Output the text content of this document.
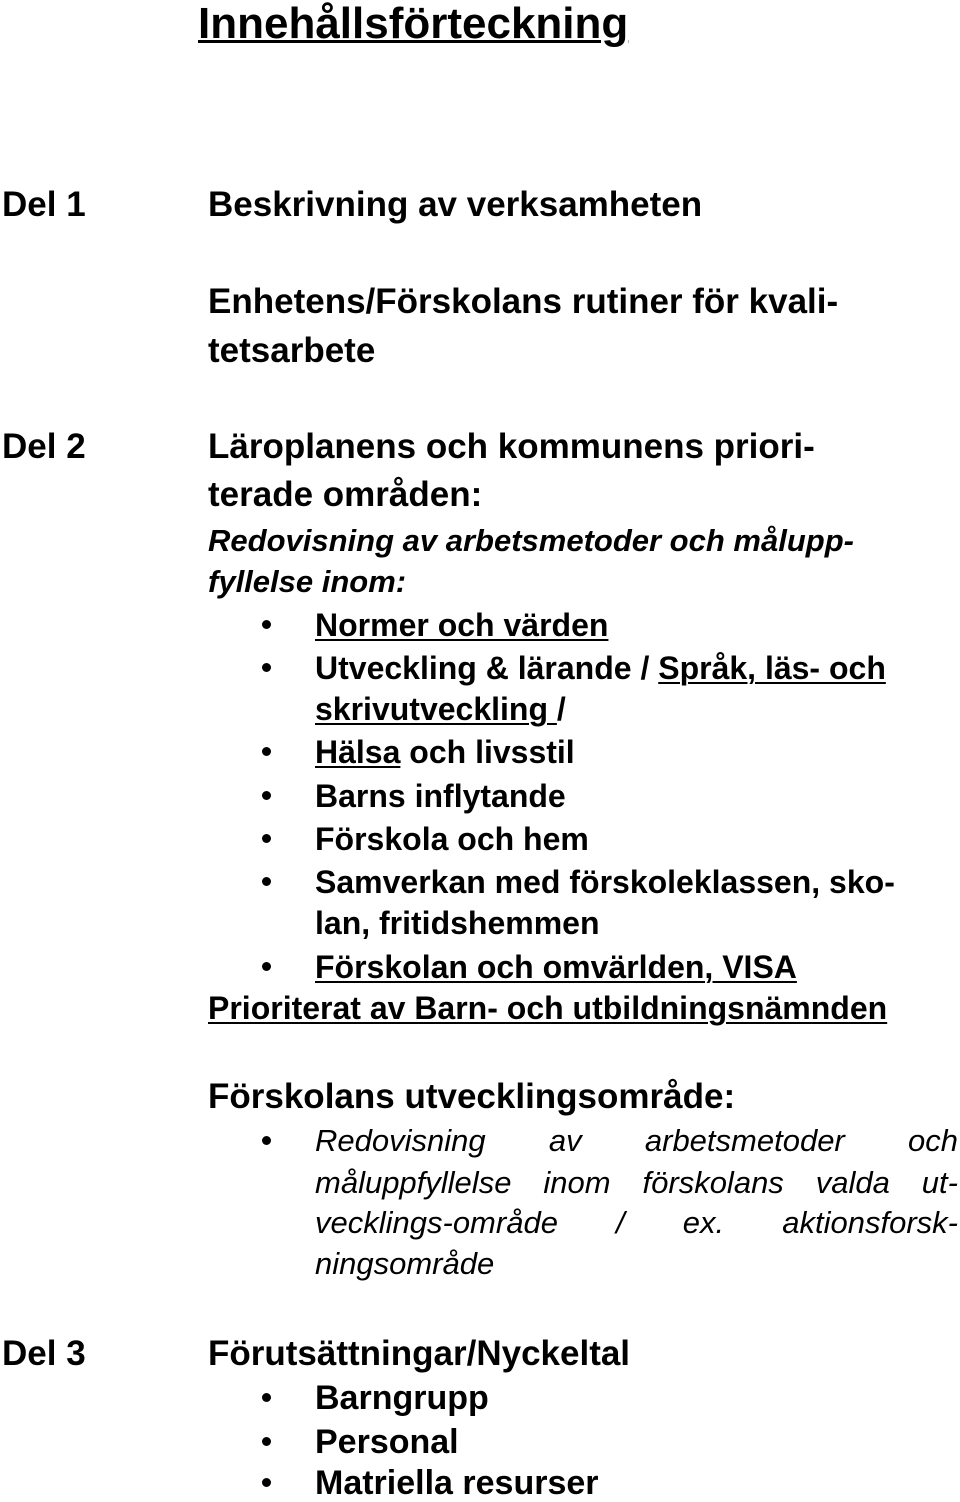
Innehållsförteckning
Del 1	Beskrivning av verksamheten
Enhetens/Förskolans rutiner för kvali-
tetsarbete
Del 2	Läroplanens och kommunens priori-
terade områden:
Redovisning av arbetsmetoder och målupp-
fyllelse inom:
Normer och värden
Utveckling & lärande / Språk, läs- och
skrivutveckling /
Hälsa och livsstil
Barns inflytande
Förskola och hem
Samverkan med förskoleklassen, sko-
lan, fritidshemmen
Förskolan och omvärlden, VISA
Prioriterat av Barn- och utbildningsnämnden
Förskolans utvecklingsområde:
Redovisning av arbetsmetoder och
måluppfyllelse inom förskolans valda ut-
vecklings-område / ex. aktionsforsk-
ningsområde
Del 3	Förutsättningar/Nyckeltal
Barngrupp
Personal
Matriella resurser
